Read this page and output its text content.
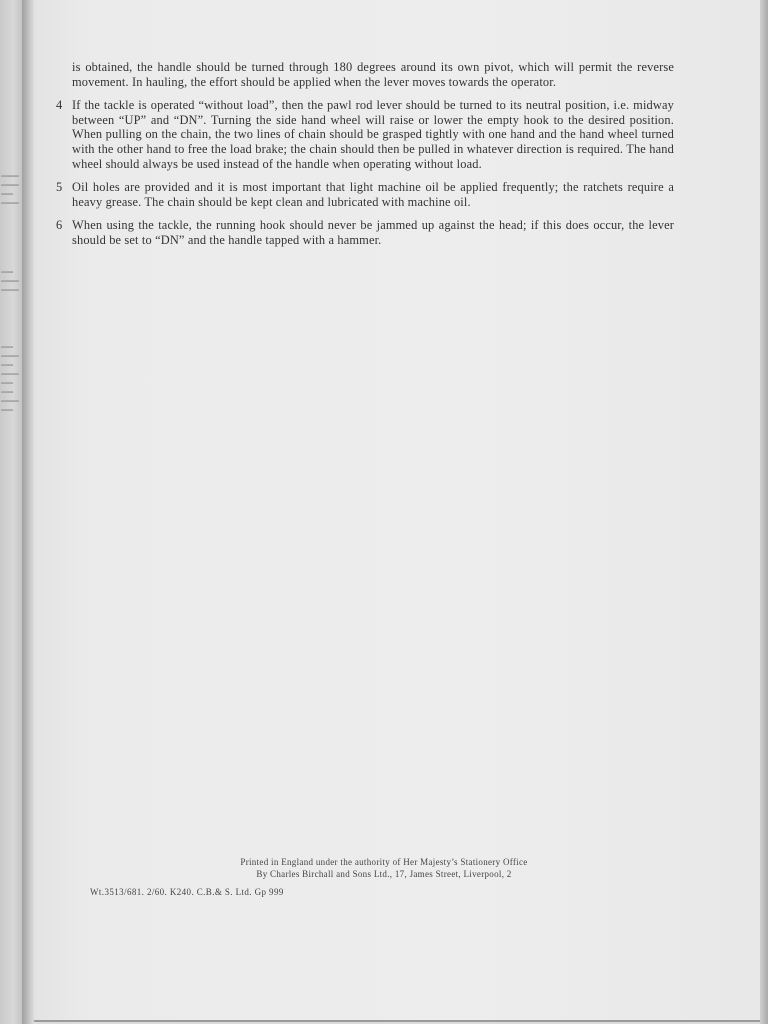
▬▬▬
▬▬▬
▬▬
▬▬▬
▬▬
▬▬▬
▬▬▬
▬▬
▬▬▬
▬▬
▬▬▬
▬▬
▬▬
▬▬▬
▬▬

is obtained, the handle should be turned through 180 degrees around its own pivot, which will permit the reverse movement. In hauling, the effort should be applied when the lever moves towards the operator.

4 If the tackle is operated “without load”, then the pawl rod lever should be turned to its neutral position, i.e. midway between “UP” and “DN”. Turning the side hand wheel will raise or lower the empty hook to the desired position. When pulling on the chain, the two lines of chain should be grasped tightly with one hand and the hand wheel turned with the other hand to free the load brake; the chain should then be pulled in whatever direction is required. The hand wheel should always be used instead of the handle when operating without load.

5 Oil holes are provided and it is most important that light machine oil be applied frequently; the ratchets require a heavy grease. The chain should be kept clean and lubricated with machine oil.

6 When using the tackle, the running hook should never be jammed up against the head; if this does occur, the lever should be set to “DN” and the handle tapped with a hammer.

Printed in England under the authority of Her Majesty’s Stationery Office
By Charles Birchall and Sons Ltd., 17, James Street, Liverpool, 2
Wt.3513/681. 2/60. K240. C.B.& S. Ltd. Gp 999
